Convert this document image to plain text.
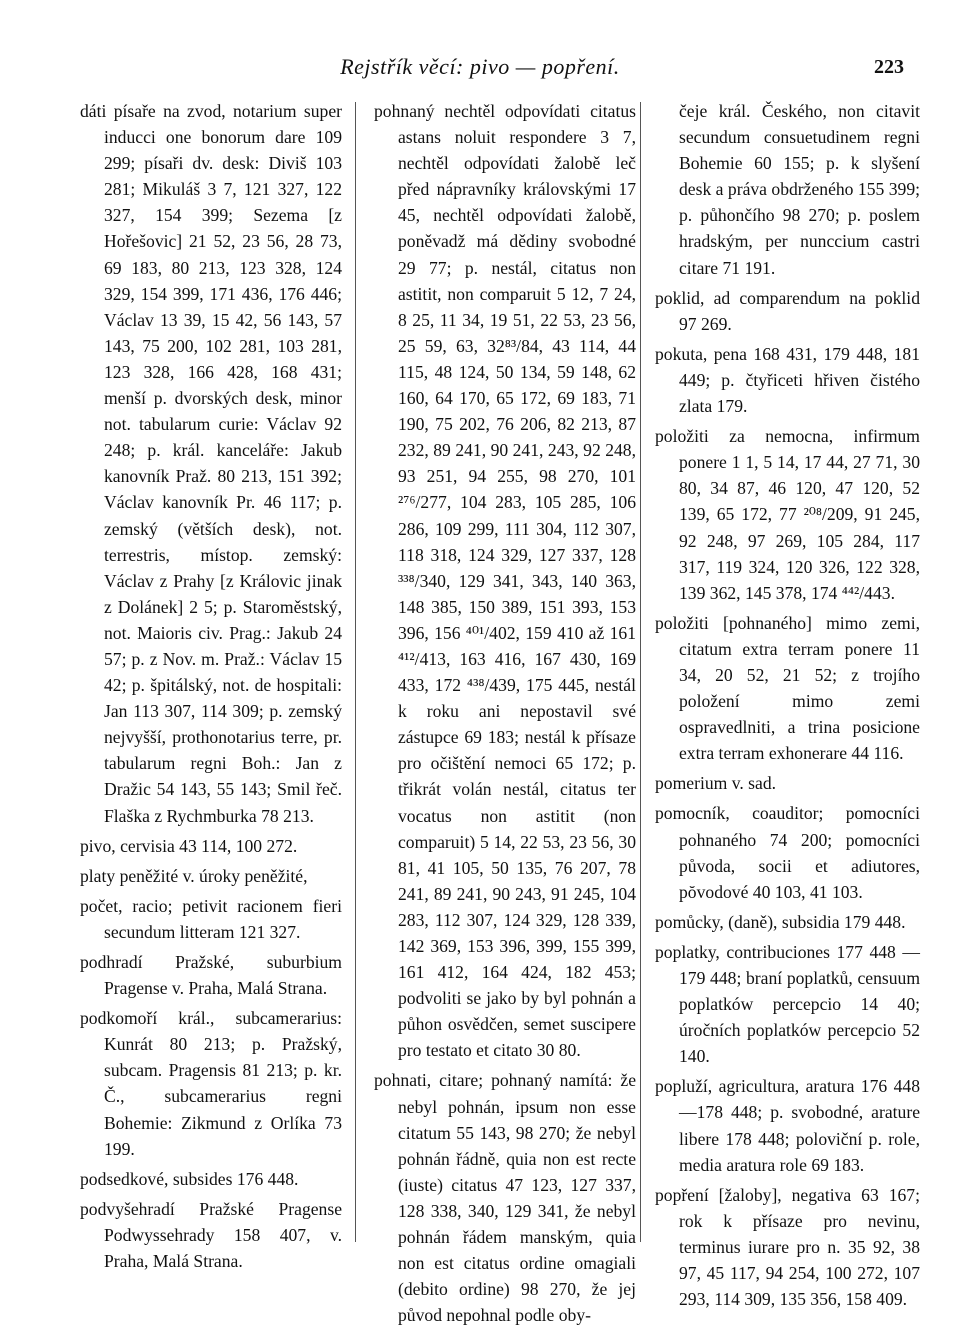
Rejstřík věcí: pivo — popření.	223

dáti písaře na zvod, notarium super inducci one bonorum dare 109 299; písaři dv. desk: Diviš 103 281; Mikuláš 3 7, 121 327, 122 327, 154 399; Sezema [z Hořešovic] 21 52, 23 56, 28 73, 69 183, 80 213, 123 328, 124 329, 154 399, 171 436, 176 446; Václav 13 39, 15 42, 56 143, 57 143, 75 200, 102 281, 103 281, 123 328, 166 428, 168 431; menší p. dvorských desk, minor not. tabularum curie: Václav 92 248; p. král. kanceláře: Jakub kanovník Praž. 80 213, 151 392; Václav kanovník Pr. 46 117; p. zemský (větších desk), not. terrestris, místop. zemský: Václav z Prahy [z Královic jinak z Dolánek] 2 5; p. Staroměstský, not. Maioris civ. Prag.: Jakub 24 57; p. z Nov. m. Praž.: Václav 15 42; p. špitálský, not. de hospitali: Jan 113 307, 114 309; p. zemský nejvyšší, prothonotarius terre, pr. tabularum regni Boh.: Jan z Dražic 54 143, 55 143; Smil řeč. Flaška z Rychmburka 78 213.

pivo, cervisia 43 114, 100 272.

platy peněžité v. úroky peněžité,

počet, racio; petivit racionem fieri secundum litteram 121 327.

podhradí Pražské, suburbium Pragense v. Praha, Malá Strana.

podkomoří král., subcamerarius: Kunrát 80 213; p. Pražský, subcam. Pragensis 81 213; p. kr. Č., subcamerarius regni Bohemie: Zikmund z Orlíka 73 199.

podsedkové, subsides 176 448.

podvyšehradí Pražské Pragense Podwyssehrady 158 407, v. Praha, Malá Strana.

pohnaný nechtěl odpovídati citatus astans noluit respondere 3 7, nechtěl odpovídati žalobě leč před nápravníky královskými 17 45, nechtěl odpovídati žalobě, poněvadž má dědiny svobodné 29 77; p. nestál, citatus non astitit, non comparuit 5 12, 7 24, 8 25, 11 34, 19 51, 22 53, 23 56, 25 59, 63, 32⁸³/84, 43 114, 44 115, 48 124, 50 134, 59 148, 62 160, 64 170, 65 172, 69 183, 71 190, 75 202, 76 206, 82 213, 87 232, 89 241, 90 241, 243, 92 248, 93 251, 94 255, 98 270, 101 ²⁷⁶/277, 104 283, 105 285, 106 286, 109 299, 111 304, 112 307, 118 318, 124 329, 127 337, 128 ³³⁸/340, 129 341, 343, 140 363, 148 385, 150 389, 151 393, 153 396, 156 ⁴⁰¹/402, 159 410 až 161 ⁴¹²/413, 163 416, 167 430, 169 433, 172 ⁴³⁸/439, 175 445, nestál k roku ani nepostavil své zástupce 69 183; nestál k přísaze pro očištění nemoci 65 172; p. třikrát volán nestál, citatus ter vocatus non astitit (non comparuit) 5 14, 22 53, 23 56, 30 81, 41 105, 50 135, 76 207, 78 241, 89 241, 90 243, 91 245, 104 283, 112 307, 124 329, 128 339, 142 369, 153 396, 399, 155 399, 161 412, 164 424, 182 453; podvoliti se jako by byl pohnán a půhon osvědčen, semet suscipere pro testato et citato 30 80.

pohnati, citare; pohnaný namítá: že nebyl pohnán, ipsum non esse citatum 55 143, 98 270; že nebyl pohnán řádně, quia non est recte (iuste) citatus 47 123, 127 337, 128 338, 340, 129 341, že nebyl pohnán řádem manským, quia non est citatus ordine omagiali (debito ordine) 98 270, že jej původ nepohnal podle oby-

čeje král. Českého, non citavit secundum consuetudinem regni Bohemie 60 155; p. k slyšení desk a práva obdrženého 155 399; p. půhončího 98 270; p. poslem hradským, per nunccium castri citare 71 191.

poklid, ad comparendum na poklid 97 269.

pokuta, pena 168 431, 179 448, 181 449; p. čtyřiceti hřiven čistého zlata 179.

položiti za nemocna, infirmum ponere 1 1, 5 14, 17 44, 27 71, 30 80, 34 87, 46 120, 47 120, 52 139, 65 172, 77 ²⁰⁸/209, 91 245, 92 248, 97 269, 105 284, 117 317, 119 324, 120 326, 122 328, 139 362, 145 378, 174 ⁴⁴²/443.

položiti [pohnaného] mimo zemi, citatum extra terram ponere 11 34, 20 52, 21 52; z trojího položení mimo zemi ospravedlniti, a trina posicione extra terram exhonerare 44 116.

pomerium v. sad.

pomocník, coauditor; pomocníci pohnaného 74 200; pomocníci původa, socii et adiutores, pŏvodové 40 103, 41 103.

pomůcky, (daně), subsidia 179 448.

poplatky, contribuciones 177 448 —179 448; braní poplatků, censuum poplatków percepcio 14 40; úročních poplatków percepcio 52 140.

popluží, agricultura, aratura 176 448—178 448; p. svobodné, arature libere 178 448; poloviční p. role, media aratura role 69 183.

popření [žaloby], negativa 63 167; rok k přísaze pro nevinu, terminus iurare pro n. 35 92, 38 97, 45 117, 94 254, 100 272, 107 293, 114 309, 135 356, 158 409.
